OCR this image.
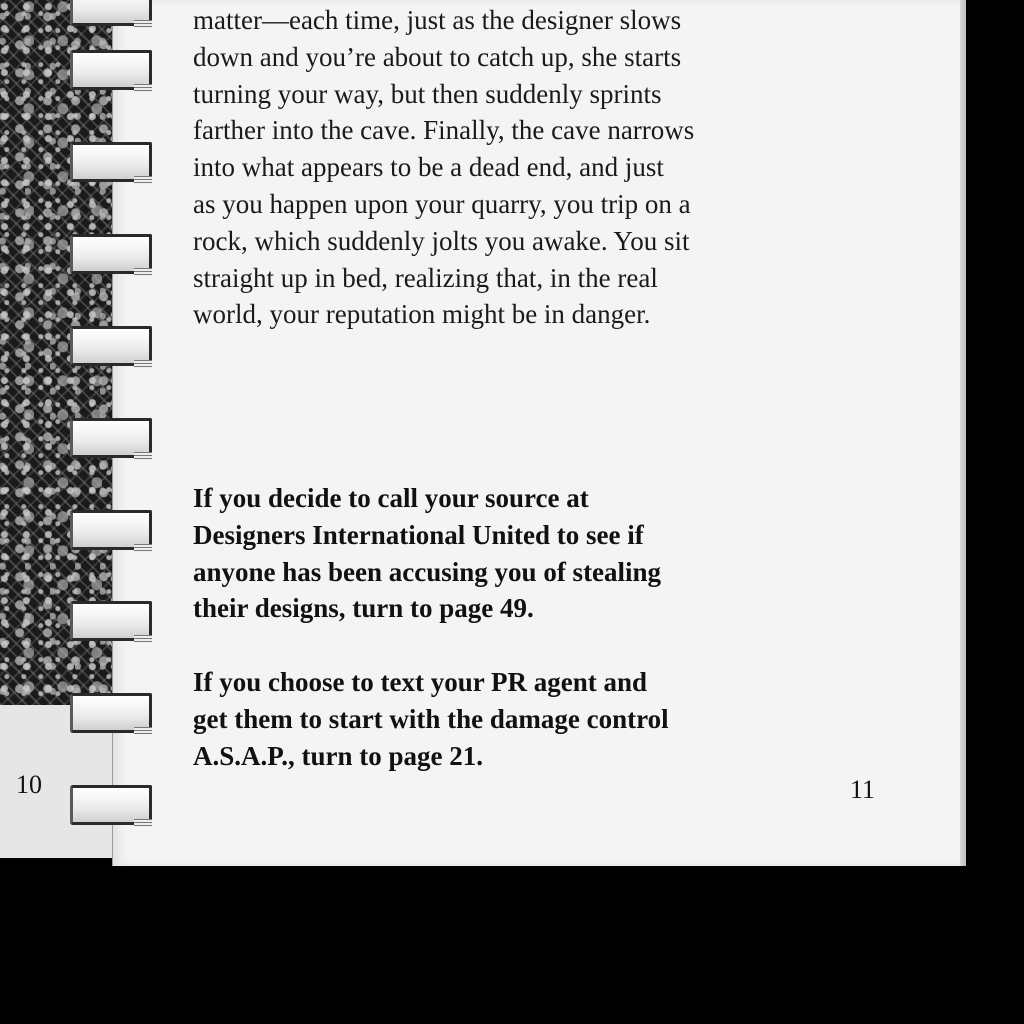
10
matter—each time, just as the designer slows
down and you’re about to catch up, she starts
turning your way, but then suddenly sprints
farther into the cave. Finally, the cave narrows
into what appears to be a dead end, and just
as you happen upon your quarry, you trip on a
rock, which suddenly jolts you awake. You sit
straight up in bed, realizing that, in the real
world, your reputation might be in danger.
If you decide to call your source at
Designers International United to see if
anyone has been accusing you of stealing
their designs, turn to page 49.
If you choose to text your PR agent and
get them to start with the damage control
A.S.A.P., turn to page 21.
11
